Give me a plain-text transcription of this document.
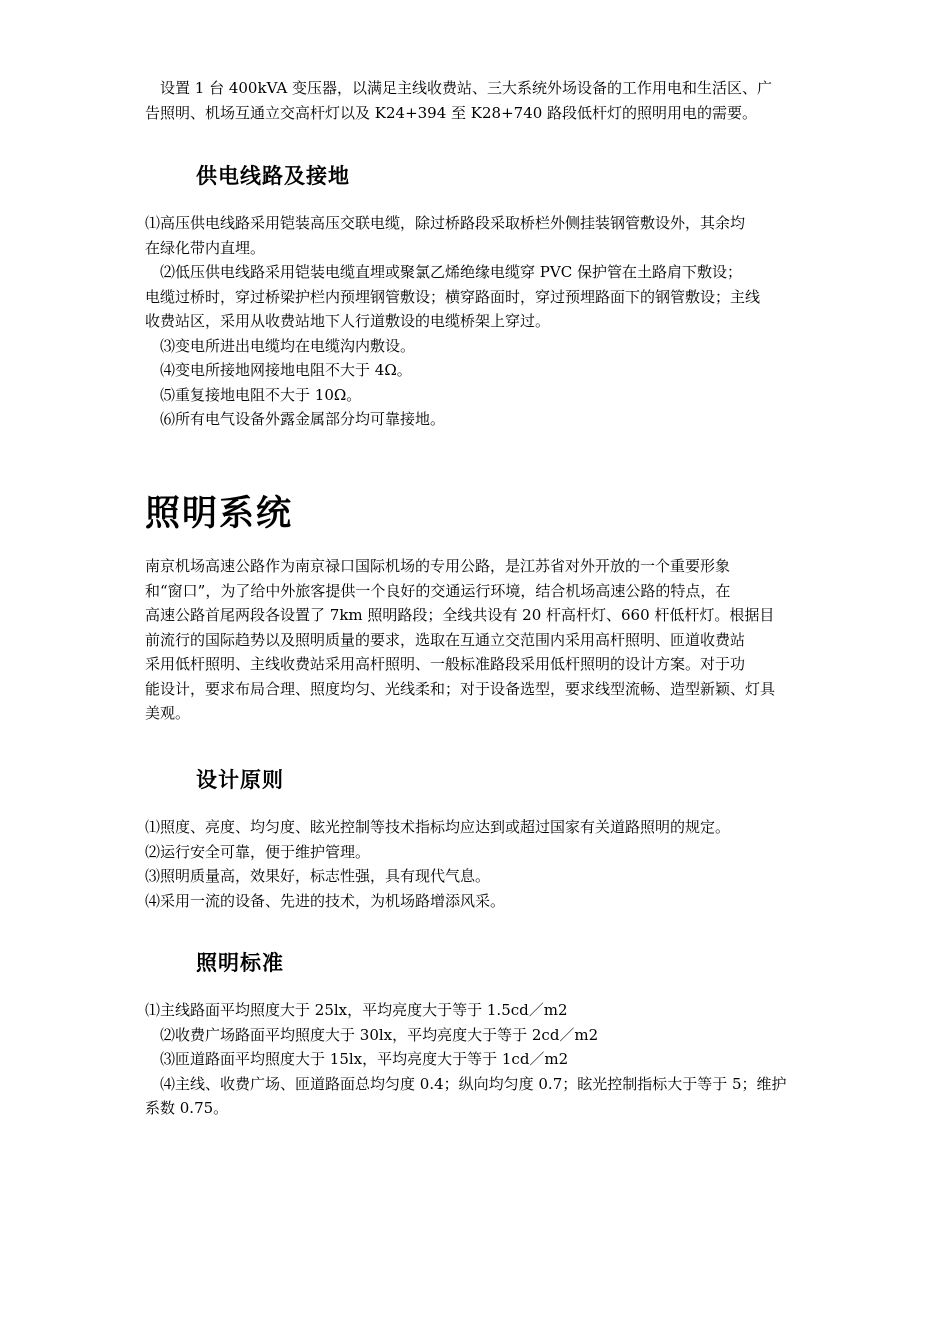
设置 1 台 400kVA 变压器，以满足主线收费站、三大系统外场设备的工作用电和生活区、广
告照明、机场互通立交高杆灯以及 K24+394 至 K28+740 路段低杆灯的照明用电的需要。
供电线路及接地
⑴高压供电线路采用铠装高压交联电缆，除过桥路段采取桥栏外侧挂装钢管敷设外，其余均
在绿化带内直埋。
⑵低压供电线路采用铠装电缆直埋或聚氯乙烯绝缘电缆穿 PVC 保护管在土路肩下敷设；
电缆过桥时，穿过桥梁护栏内预埋钢管敷设；横穿路面时，穿过预埋路面下的钢管敷设；主线
收费站区，采用从收费站地下人行道敷设的电缆桥架上穿过。
⑶变电所进出电缆均在电缆沟内敷设。
⑷变电所接地网接地电阻不大于 4Ω。
⑸重复接地电阻不大于 10Ω。
⑹所有电气设备外露金属部分均可靠接地。
照明系统
南京机场高速公路作为南京禄口国际机场的专用公路，是江苏省对外开放的一个重要形象
和“窗口”，为了给中外旅客提供一个良好的交通运行环境，结合机场高速公路的特点，在
高速公路首尾两段各设置了 7km 照明路段；全线共设有 20 杆高杆灯、660 杆低杆灯。根据目
前流行的国际趋势以及照明质量的要求，选取在互通立交范围内采用高杆照明、匝道收费站
采用低杆照明、主线收费站采用高杆照明、一般标准路段采用低杆照明的设计方案。对于功
能设计，要求布局合理、照度均匀、光线柔和；对于设备选型，要求线型流畅、造型新颖、灯具
美观。
设计原则
⑴照度、亮度、均匀度、眩光控制等技术指标均应达到或超过国家有关道路照明的规定。
⑵运行安全可靠，便于维护管理。
⑶照明质量高，效果好，标志性强，具有现代气息。
⑷采用一流的设备、先进的技术，为机场路增添风采。
照明标准
⑴主线路面平均照度大于 25lx，平均亮度大于等于 1.5cd／m2
⑵收费广场路面平均照度大于 30lx，平均亮度大于等于 2cd／m2
⑶匝道路面平均照度大于 15lx，平均亮度大于等于 1cd／m2
⑷主线、收费广场、匝道路面总均匀度 0.4；纵向均匀度 0.7；眩光控制指标大于等于 5；维护
系数 0.75。
